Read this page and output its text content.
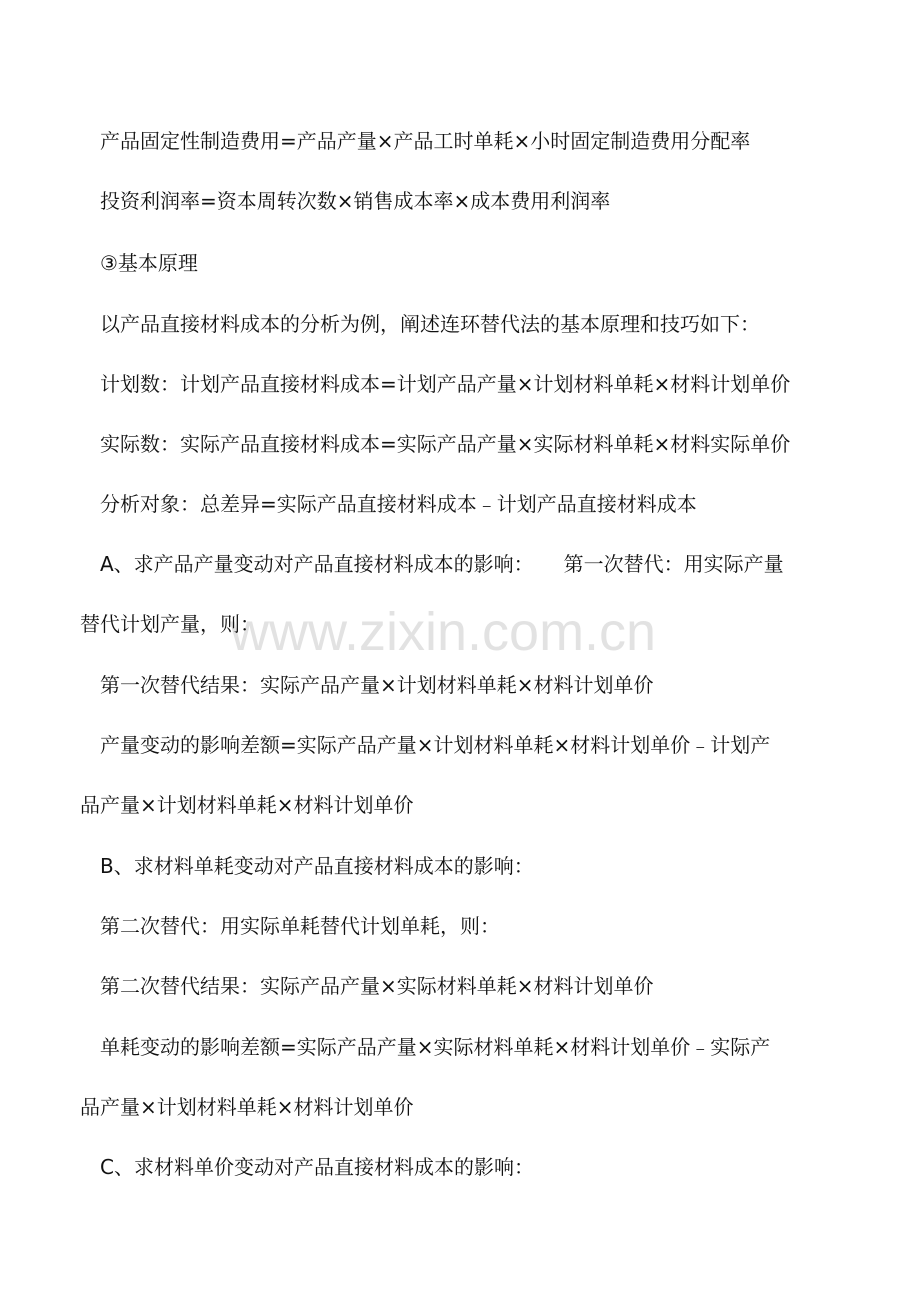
www.zixin.com.cn
产品固定性制造费用=产品产量×产品工时单耗×小时固定制造费用分配率
投资利润率=资本周转次数×销售成本率×成本费用利润率
③基本原理
以产品直接材料成本的分析为例，阐述连环替代法的基本原理和技巧如下：
计划数：计划产品直接材料成本=计划产品产量×计划材料单耗×材料计划单价
实际数：实际产品直接材料成本=实际产品产量×实际材料单耗×材料实际单价
分析对象：总差异=实际产品直接材料成本﹣计划产品直接材料成本
A、求产品产量变动对产品直接材料成本的影响：　　第一次替代：用实际产量
替代计划产量，则：
第一次替代结果：实际产品产量×计划材料单耗×材料计划单价
产量变动的影响差额=实际产品产量×计划材料单耗×材料计划单价﹣计划产
品产量×计划材料单耗×材料计划单价
B、求材料单耗变动对产品直接材料成本的影响：
第二次替代：用实际单耗替代计划单耗，则：
第二次替代结果：实际产品产量×实际材料单耗×材料计划单价
单耗变动的影响差额=实际产品产量×实际材料单耗×材料计划单价﹣实际产
品产量×计划材料单耗×材料计划单价
C、求材料单价变动对产品直接材料成本的影响：
